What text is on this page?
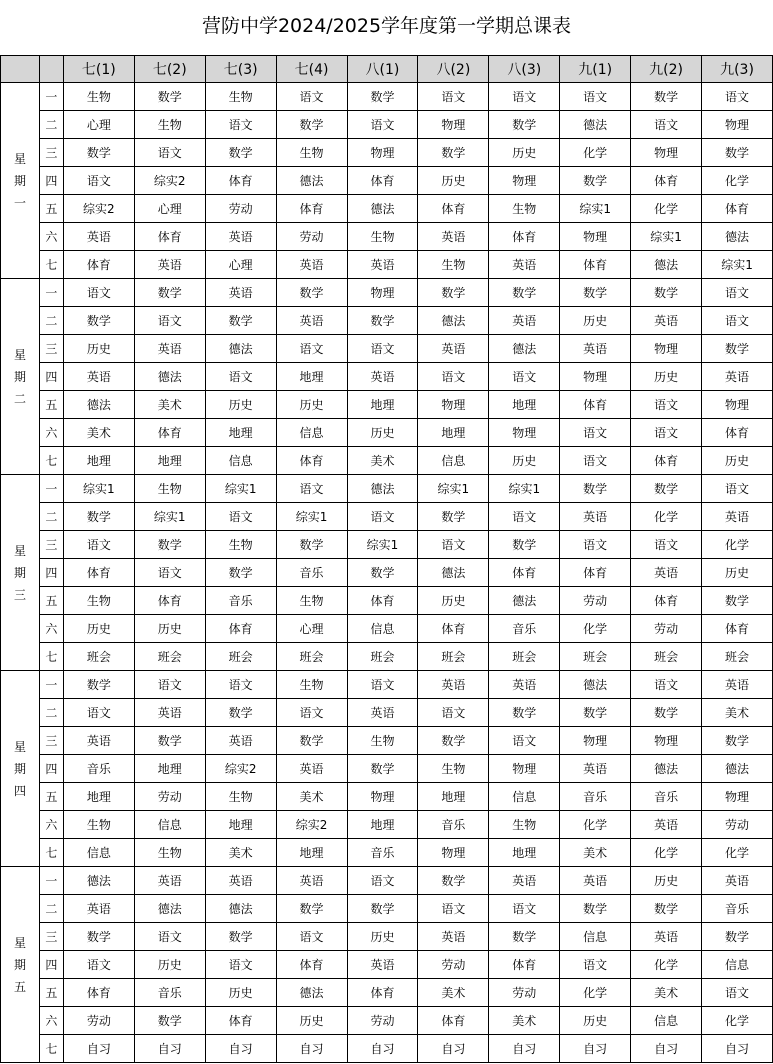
营防中学2024/2025学年度第一学期总课表
		七(1)	七(2)	七(3)	七(4)	八(1)	八(2)	八(3)	九(1)	九(2)	九(3)

星
期
一	一	生物	数学	生物	语文	数学	语文	语文	语文	数学	语文
	二	心理	生物	语文	数学	语文	物理	数学	德法	语文	物理
	三	数学	语文	数学	生物	物理	数学	历史	化学	物理	数学
	四	语文	综实2	体育	德法	体育	历史	物理	数学	体育	化学
	五	综实2	心理	劳动	体育	德法	体育	生物	综实1	化学	体育
	六	英语	体育	英语	劳动	生物	英语	体育	物理	综实1	德法
	七	体育	英语	心理	英语	英语	生物	英语	体育	德法	综实1

星
期
二	一	语文	数学	英语	数学	物理	数学	数学	数学	数学	语文
	二	数学	语文	数学	英语	数学	德法	英语	历史	英语	语文
	三	历史	英语	德法	语文	语文	英语	德法	英语	物理	数学
	四	英语	德法	语文	地理	英语	语文	语文	物理	历史	英语
	五	德法	美术	历史	历史	地理	物理	地理	体育	语文	物理
	六	美术	体育	地理	信息	历史	地理	物理	语文	语文	体育
	七	地理	地理	信息	体育	美术	信息	历史	语文	体育	历史

星
期
三	一	综实1	生物	综实1	语文	德法	综实1	综实1	数学	数学	语文
	二	数学	综实1	语文	综实1	语文	数学	语文	英语	化学	英语
	三	语文	数学	生物	数学	综实1	语文	数学	语文	语文	化学
	四	体育	语文	数学	音乐	数学	德法	体育	体育	英语	历史
	五	生物	体育	音乐	生物	体育	历史	德法	劳动	体育	数学
	六	历史	历史	体育	心理	信息	体育	音乐	化学	劳动	体育
	七	班会	班会	班会	班会	班会	班会	班会	班会	班会	班会

星
期
四	一	数学	语文	语文	生物	语文	英语	英语	德法	语文	英语
	二	语文	英语	数学	语文	英语	语文	数学	数学	数学	美术
	三	英语	数学	英语	数学	生物	数学	语文	物理	物理	数学
	四	音乐	地理	综实2	英语	数学	生物	物理	英语	德法	德法
	五	地理	劳动	生物	美术	物理	地理	信息	音乐	音乐	物理
	六	生物	信息	地理	综实2	地理	音乐	生物	化学	英语	劳动
	七	信息	生物	美术	地理	音乐	物理	地理	美术	化学	化学

星
期
五	一	德法	英语	英语	英语	语文	数学	英语	英语	历史	英语
	二	英语	德法	德法	数学	数学	语文	语文	数学	数学	音乐
	三	数学	语文	数学	语文	历史	英语	数学	信息	英语	数学
	四	语文	历史	语文	体育	英语	劳动	体育	语文	化学	信息
	五	体育	音乐	历史	德法	体育	美术	劳动	化学	美术	语文
	六	劳动	数学	体育	历史	劳动	体育	美术	历史	信息	化学
	七	自习	自习	自习	自习	自习	自习	自习	自习	自习	自习
